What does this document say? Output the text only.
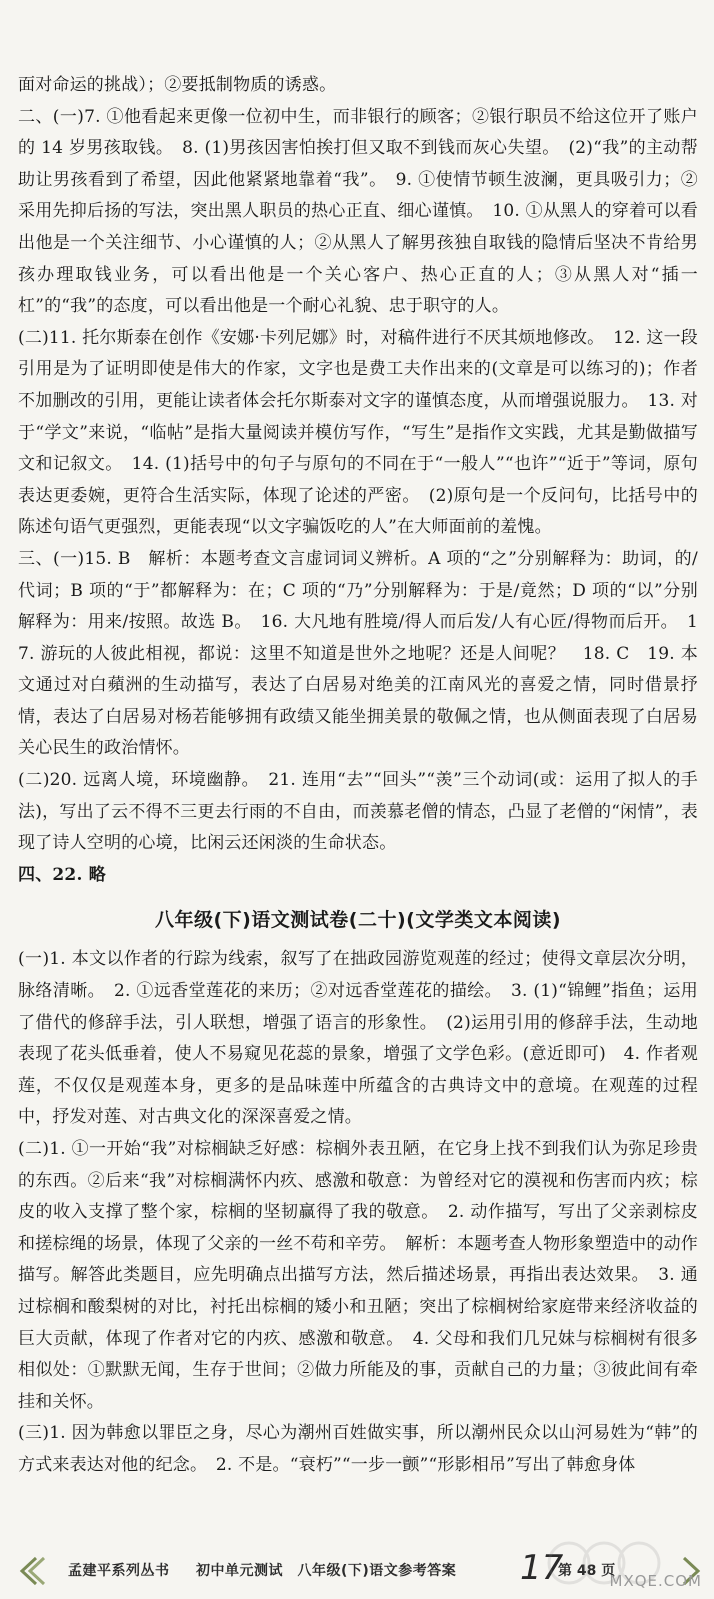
面对命运的挑战）；②要抵制物质的诱惑。

二、(一)7. ①他看起来更像一位初中生，而非银行的顾客；②银行职员不给这位开了账户的 14 岁男孩取钱。　8. (1)男孩因害怕挨打但又取不到钱而灰心失望。　(2)“我”的主动帮助让男孩看到了希望，因此他紧紧地靠着“我”。　9. ①使情节顿生波澜，更具吸引力；②采用先抑后扬的写法，突出黑人职员的热心正直、细心谨慎。　10. ①从黑人的穿着可以看出他是一个关注细节、小心谨慎的人；②从黑人了解男孩独自取钱的隐情后坚决不肯给男孩办理取钱业务，可以看出他是一个关心客户、热心正直的人；③从黑人对“插一杠”的“我”的态度，可以看出他是一个耐心礼貌、忠于职守的人。

(二)11. 托尔斯泰在创作《安娜·卡列尼娜》时，对稿件进行不厌其烦地修改。　12. 这一段引用是为了证明即使是伟大的作家，文字也是费工夫作出来的(文章是可以练习的)；作者不加删改的引用，更能让读者体会托尔斯泰对文字的谨慎态度，从而增强说服力。　13. 对于“学文”来说，“临帖”是指大量阅读并模仿写作，“写生”是指作文实践，尤其是勤做描写文和记叙文。　14. (1)括号中的句子与原句的不同在于“一般人”“也许”“近于”等词，原句表达更委婉，更符合生活实际，体现了论述的严密。　(2)原句是一个反问句，比括号中的陈述句语气更强烈，更能表现“以文字骗饭吃的人”在大师面前的羞愧。

三、(一)15. B　解析：本题考查文言虚词词义辨析。A 项的“之”分别解释为：助词，的/代词；B 项的“于”都解释为：在；C 项的“乃”分别解释为：于是/竟然；D 项的“以”分别解释为：用来/按照。故选 B。　16. 大凡地有胜境/得人而后发/人有心匠/得物而后开。　17. 游玩的人彼此相视，都说：这里不知道是世外之地呢？还是人间呢？　18. C　19. 本文通过对白蘋洲的生动描写，表达了白居易对绝美的江南风光的喜爱之情，同时借景抒情，表达了白居易对杨若能够拥有政绩又能坐拥美景的敬佩之情，也从侧面表现了白居易关心民生的政治情怀。

(二)20. 远离人境，环境幽静。　21. 连用“去”“回头”“羡”三个动词(或：运用了拟人的手法)，写出了云不得不三更去行雨的不自由，而羡慕老僧的情态，凸显了老僧的“闲情”，表现了诗人空明的心境，比闲云还闲淡的生命状态。

四、22. 略

八年级(下)语文测试卷(二十)(文学类文本阅读)

(一)1. 本文以作者的行踪为线索，叙写了在拙政园游览观莲的经过；使得文章层次分明，脉络清晰。　2. ①远香堂莲花的来历；②对远香堂莲花的描绘。　3. (1)“锦鲤”指鱼；运用了借代的修辞手法，引人联想，增强了语言的形象性。　(2)运用引用的修辞手法，生动地表现了花头低垂着，使人不易窥见花蕊的景象，增强了文学色彩。(意近即可)　4. 作者观莲，不仅仅是观莲本身，更多的是品味莲中所蕴含的古典诗文中的意境。在观莲的过程中，抒发对莲、对古典文化的深深喜爱之情。

(二)1. ①一开始“我”对棕榈缺乏好感：棕榈外表丑陋，在它身上找不到我们认为弥足珍贵的东西。②后来“我”对棕榈满怀内疚、感激和敬意：为曾经对它的漠视和伤害而内疚；棕皮的收入支撑了整个家，棕榈的坚韧赢得了我的敬意。　2. 动作描写，写出了父亲剥棕皮和搓棕绳的场景，体现了父亲的一丝不苟和辛劳。　解析：本题考查人物形象塑造中的动作描写。解答此类题目，应先明确点出描写方法，然后描述场景，再指出表达效果。　3. 通过棕榈和酸梨树的对比，衬托出棕榈的矮小和丑陋；突出了棕榈树给家庭带来经济收益的巨大贡献，体现了作者对它的内疚、感激和敬意。　4. 父母和我们几兄妹与棕榈树有很多相似处：①默默无闻，生存于世间；②做力所能及的事，贡献自己的力量；③彼此间有牵挂和关怀。

(三)1. 因为韩愈以罪臣之身，尽心为潮州百姓做实事，所以潮州民众以山河易姓为“韩”的方式来表达对他的纪念。　2. 不是。“衰朽”“一步一颤”“形影相吊”写出了韩愈身体

孟建平系列丛书 初中单元测试　八年级(下)语文参考答案 17
第 48 页
MXQE.COM
